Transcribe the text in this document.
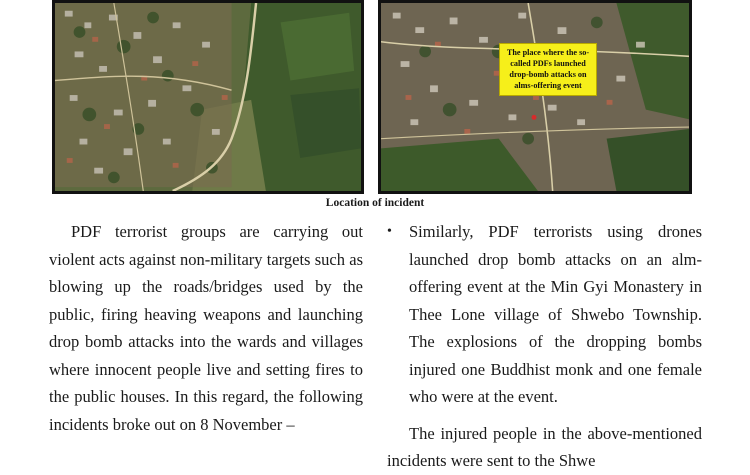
The place where the so-called PDFs launched drop-bomb attacks on alms-offering event
Location of incident

PDF terrorist groups are carrying out violent acts against non-military targets such as blowing up the roads/bridges used by the public, firing heaving weapons and launching drop bomb attacks into the wards and villages where innocent people live and setting fires to the public houses. In this regard, the following incidents broke out on 8 November –

•	Similarly, PDF terrorists using drones launched drop bomb attacks on an alm-offering event at the Min Gyi Monastery in Thee Lone village of Shwebo Township. The explosions of the dropping bombs injured one Buddhist monk and one female who were at the event.

The injured people in the above-mentioned incidents were sent to the Shwe
